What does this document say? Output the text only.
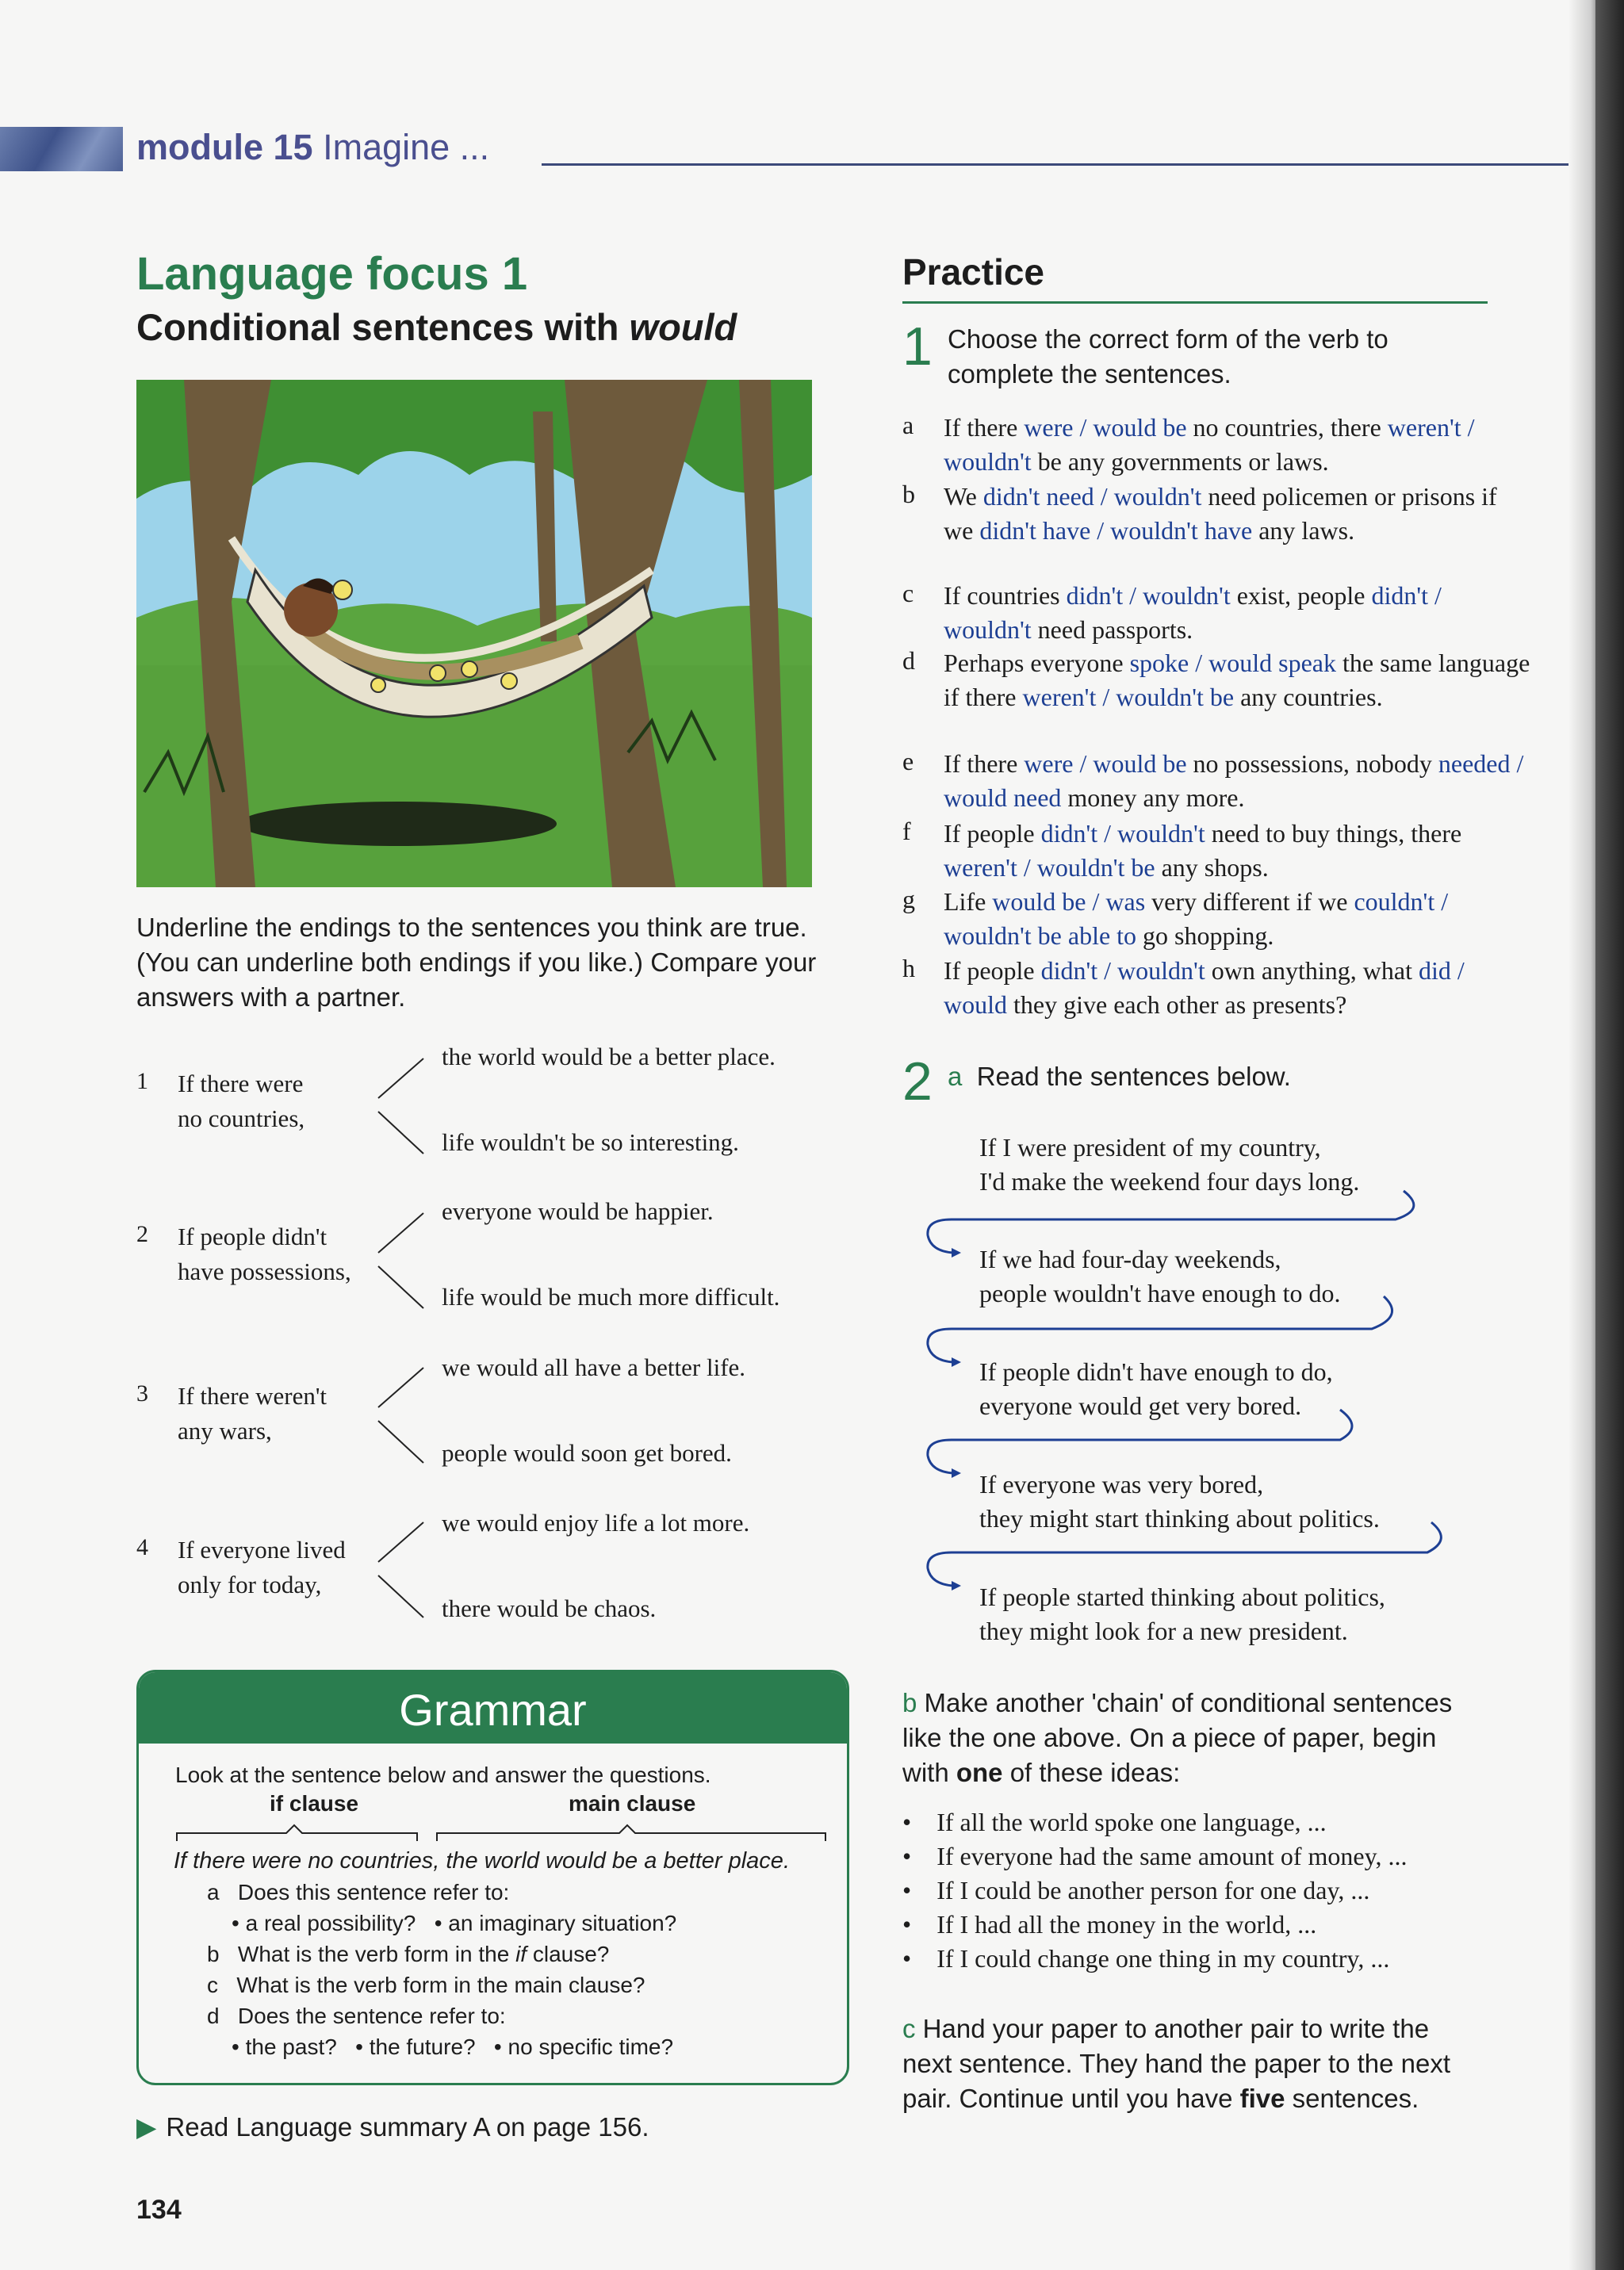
module 15 Imagine ...
Language focus 1
Conditional sentences with would
Underline the endings to the sentences you think are true. (You can underline both endings if you like.) Compare your answers with a partner.
1 If there were
no countries,
the world would be a better place.
life wouldn't be so interesting.
2 If people didn't
have possessions,
everyone would be happier.
life would be much more difficult.
3 If there weren't
any wars,
we would all have a better life.
people would soon get bored.
4 If everyone lived
only for today,
we would enjoy life a lot more.
there would be chaos.
Grammar
Look at the sentence below and answer the questions.
if clause	main clause
If there were no countries, the world would be a better place.
a Does this sentence refer to:
• a real possibility?   • an imaginary situation?
b What is the verb form in the if clause?
c What is the verb form in the main clause?
d Does the sentence refer to:
• the past?   • the future?   • no specific time?
▶ Read Language summary A on page 156.
134
Practice
1 Choose the correct form of the verb to
complete the sentences.
a If there were / would be no countries, there weren't / wouldn't be any governments or laws.
b We didn't need / wouldn't need policemen or prisons if we didn't have / wouldn't have any laws.
c If countries didn't / wouldn't exist, people didn't / wouldn't need passports.
d Perhaps everyone spoke / would speak the same language if there weren't / wouldn't be any countries.
e If there were / would be no possessions, nobody needed / would need money any more.
f If people didn't / wouldn't need to buy things, there weren't / wouldn't be any shops.
g Life would be / was very different if we couldn't / wouldn't be able to go shopping.
h If people didn't / wouldn't own anything, what did / would they give each other as presents?
2 a Read the sentences below.
If I were president of my country,
I'd make the weekend four days long.
If we had four-day weekends,
people wouldn't have enough to do.
If people didn't have enough to do,
everyone would get very bored.
If everyone was very bored,
they might start thinking about politics.
If people started thinking about politics,
they might look for a new president.
b Make another 'chain' of conditional sentences
like the one above. On a piece of paper, begin
with one of these ideas:
•    If all the world spoke one language, ...
•    If everyone had the same amount of money, ...
•    If I could be another person for one day, ...
•    If I had all the money in the world, ...
•    If I could change one thing in my country, ...
c Hand your paper to another pair to write the
next sentence. They hand the paper to the next
pair. Continue until you have five sentences.
